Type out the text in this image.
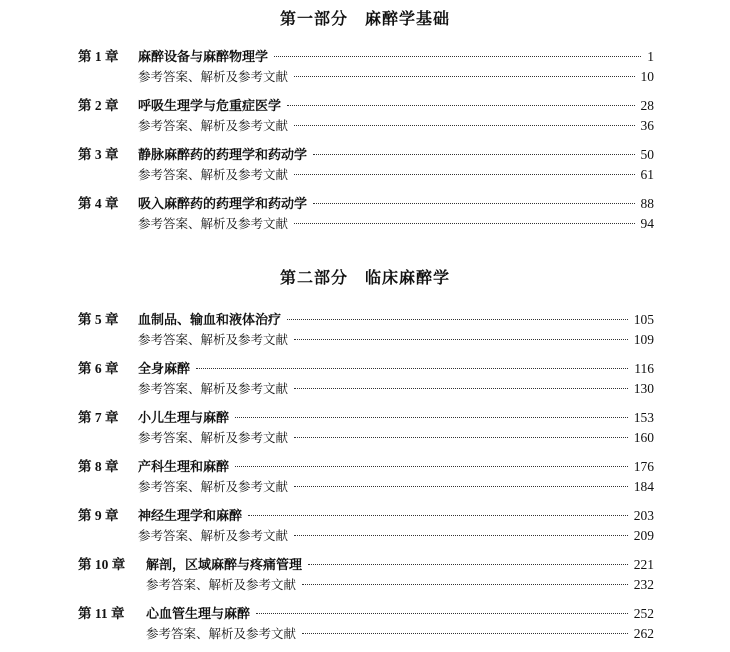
第一部分　麻醉学基础
第 1 章	麻醉设备与麻醉物理学	1
参考答案、解析及参考文献	10
第 2 章	呼吸生理学与危重症医学	28
参考答案、解析及参考文献	36
第 3 章	静脉麻醉药的药理学和药动学	50
参考答案、解析及参考文献	61
第 4 章	吸入麻醉药的药理学和药动学	88
参考答案、解析及参考文献	94
第二部分　临床麻醉学
第 5 章	血制品、输血和液体治疗	105
参考答案、解析及参考文献	109
第 6 章	全身麻醉	116
参考答案、解析及参考文献	130
第 7 章	小儿生理与麻醉	153
参考答案、解析及参考文献	160
第 8 章	产科生理和麻醉	176
参考答案、解析及参考文献	184
第 9 章	神经生理学和麻醉	203
参考答案、解析及参考文献	209
第 10 章	解剖，区域麻醉与疼痛管理	221
参考答案、解析及参考文献	232
第 11 章	心血管生理与麻醉	252
参考答案、解析及参考文献	262
